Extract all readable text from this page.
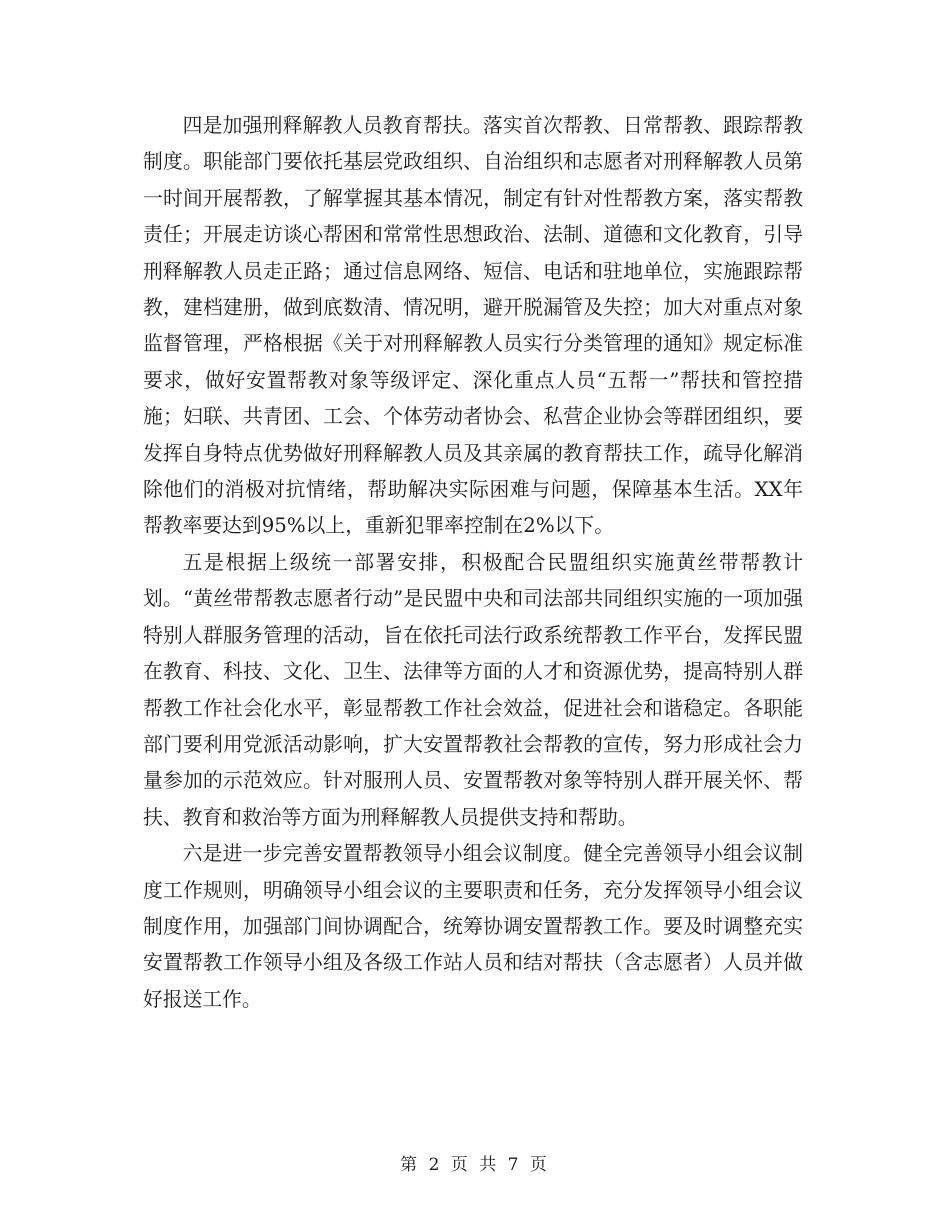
四是加强刑释解教人员教育帮扶。落实首次帮教、日常帮教、跟踪帮教制度。职能部门要依托基层党政组织、自治组织和志愿者对刑释解教人员第一时间开展帮教，了解掌握其基本情况，制定有针对性帮教方案，落实帮教责任；开展走访谈心帮困和常常性思想政治、法制、道德和文化教育，引导刑释解教人员走正路；通过信息网络、短信、电话和驻地单位，实施跟踪帮教，建档建册，做到底数清、情况明，避开脱漏管及失控；加大对重点对象监督管理，严格根据《关于对刑释解教人员实行分类管理的通知》规定标准要求，做好安置帮教对象等级评定、深化重点人员“五帮一”帮扶和管控措施；妇联、共青团、工会、个体劳动者协会、私营企业协会等群团组织，要发挥自身特点优势做好刑释解教人员及其亲属的教育帮扶工作，疏导化解消除他们的消极对抗情绪，帮助解决实际困难与问题，保障基本生活。XX年帮教率要达到95%以上，重新犯罪率控制在2%以下。

五是根据上级统一部署安排，积极配合民盟组织实施黄丝带帮教计划。“黄丝带帮教志愿者行动”是民盟中央和司法部共同组织实施的一项加强特别人群服务管理的活动，旨在依托司法行政系统帮教工作平台，发挥民盟在教育、科技、文化、卫生、法律等方面的人才和资源优势，提高特别人群帮教工作社会化水平，彰显帮教工作社会效益，促进社会和谐稳定。各职能部门要利用党派活动影响，扩大安置帮教社会帮教的宣传，努力形成社会力量参加的示范效应。针对服刑人员、安置帮教对象等特别人群开展关怀、帮扶、教育和救治等方面为刑释解教人员提供支持和帮助。

六是进一步完善安置帮教领导小组会议制度。健全完善领导小组会议制度工作规则，明确领导小组会议的主要职责和任务，充分发挥领导小组会议制度作用，加强部门间协调配合，统筹协调安置帮教工作。要及时调整充实安置帮教工作领导小组及各级工作站人员和结对帮扶（含志愿者）人员并做好报送工作。

第 2 页 共 7 页
